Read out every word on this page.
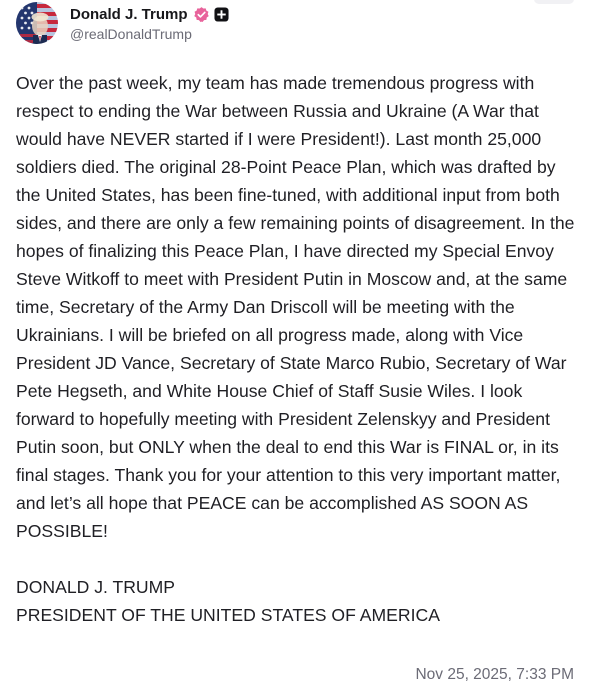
Donald J. Trump
@realDonaldTrump

Over the past week, my team has made tremendous progress with respect to ending the War between Russia and Ukraine (A War that would have NEVER started if I were President!). Last month 25,000 soldiers died. The original 28-Point Peace Plan, which was drafted by the United States, has been fine-tuned, with additional input from both sides, and there are only a few remaining points of disagreement. In the hopes of finalizing this Peace Plan, I have directed my Special Envoy Steve Witkoff to meet with President Putin in Moscow and, at the same time, Secretary of the Army Dan Driscoll will be meeting with the Ukrainians. I will be briefed on all progress made, along with Vice President JD Vance, Secretary of State Marco Rubio, Secretary of War Pete Hegseth, and White House Chief of Staff Susie Wiles. I look forward to hopefully meeting with President Zelenskyy and President Putin soon, but ONLY when the deal to end this War is FINAL or, in its final stages. Thank you for your attention to this very important matter, and let’s all hope that PEACE can be accomplished AS SOON AS POSSIBLE!

DONALD J. TRUMP

PRESIDENT OF THE UNITED STATES OF AMERICA

Nov 25, 2025, 7:33 PM
